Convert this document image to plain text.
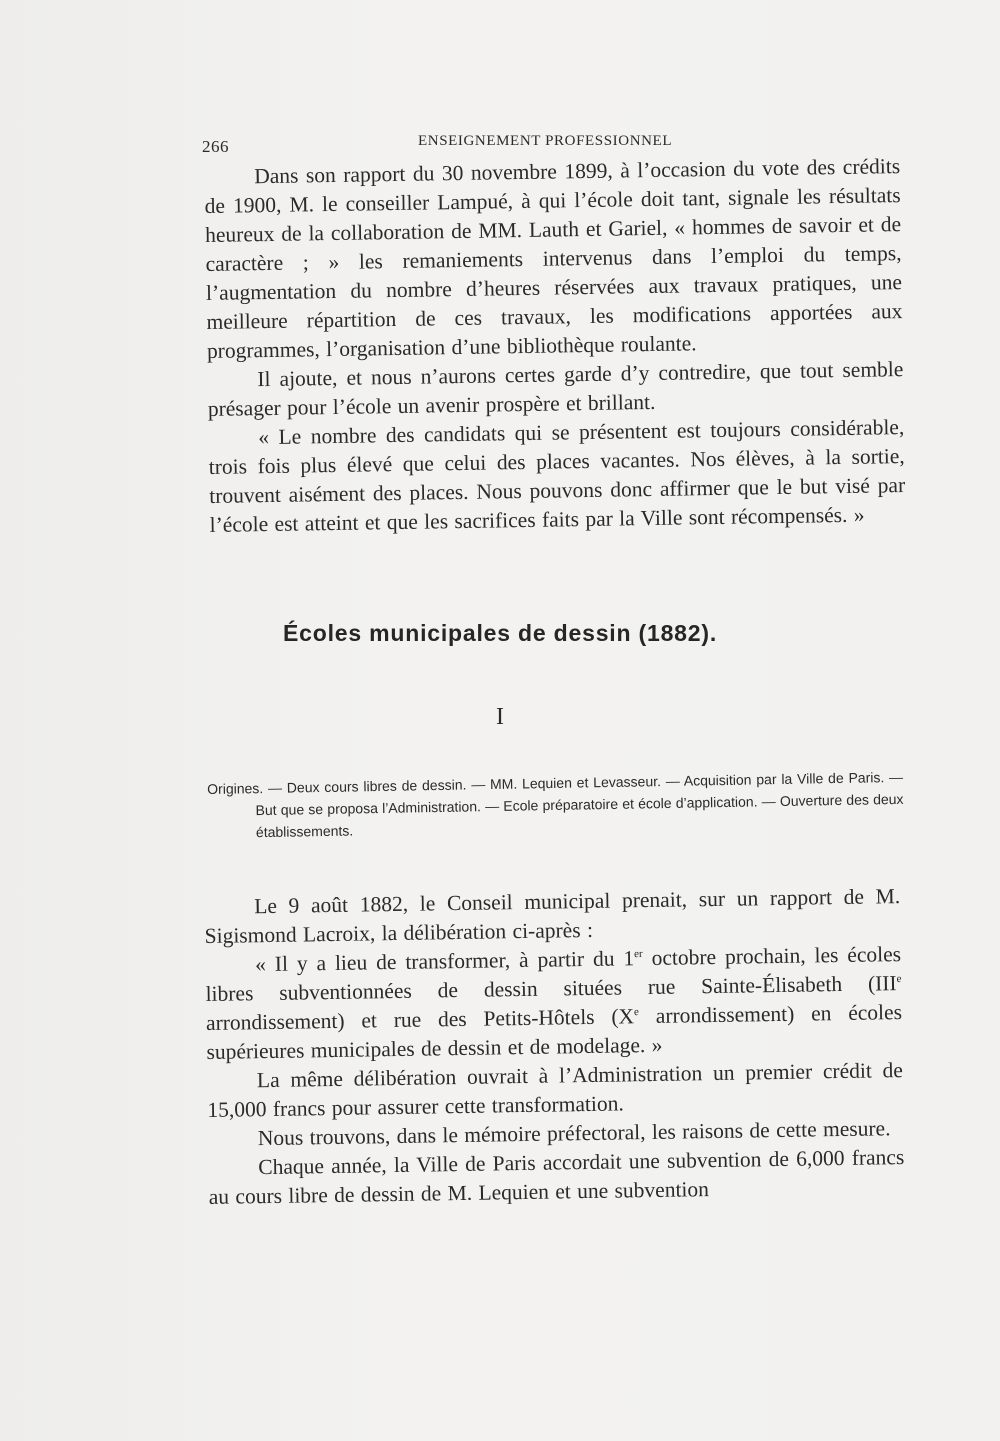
266	ENSEIGNEMENT PROFESSIONNEL

Dans son rapport du 30 novembre 1899, à l’occasion du vote des crédits de 1900, M. le conseiller Lampué, à qui l’école doit tant, signale les résultats heureux de la collaboration de MM. Lauth et Gariel, « hommes de savoir et de caractère ; » les remaniements intervenus dans l’emploi du temps, l’augmentation du nombre d’heures réservées aux travaux pratiques, une meilleure répartition de ces travaux, les modifications apportées aux programmes, l’organisation d’une bibliothèque roulante.

Il ajoute, et nous n’aurons certes garde d’y contredire, que tout semble présager pour l’école un avenir prospère et brillant.

« Le nombre des candidats qui se présentent est toujours considérable, trois fois plus élevé que celui des places vacantes. Nos élèves, à la sortie, trouvent aisément des places. Nous pouvons donc affirmer que le but visé par l’école est atteint et que les sacrifices faits par la Ville sont récompensés. »

Écoles municipales de dessin (1882).
I
Origines. — Deux cours libres de dessin. — MM. Lequien et Levasseur. — Acquisition par la Ville de Paris. — But que se proposa l’Administration. — Ecole préparatoire et école d’application. — Ouverture des deux établissements.

Le 9 août 1882, le Conseil municipal prenait, sur un rapport de M. Sigismond Lacroix, la délibération ci-après :

« Il y a lieu de transformer, à partir du 1er octobre prochain, les écoles libres subventionnées de dessin situées rue Sainte-Élisabeth (IIIe arrondissement) et rue des Petits-Hôtels (Xe arrondissement) en écoles supérieures municipales de dessin et de modelage. »

La même délibération ouvrait à l’Administration un premier crédit de 15,000 francs pour assurer cette transformation.

Nous trouvons, dans le mémoire préfectoral, les raisons de cette mesure.

Chaque année, la Ville de Paris accordait une subvention de 6,000 francs au cours libre de dessin de M. Lequien et une subvention
